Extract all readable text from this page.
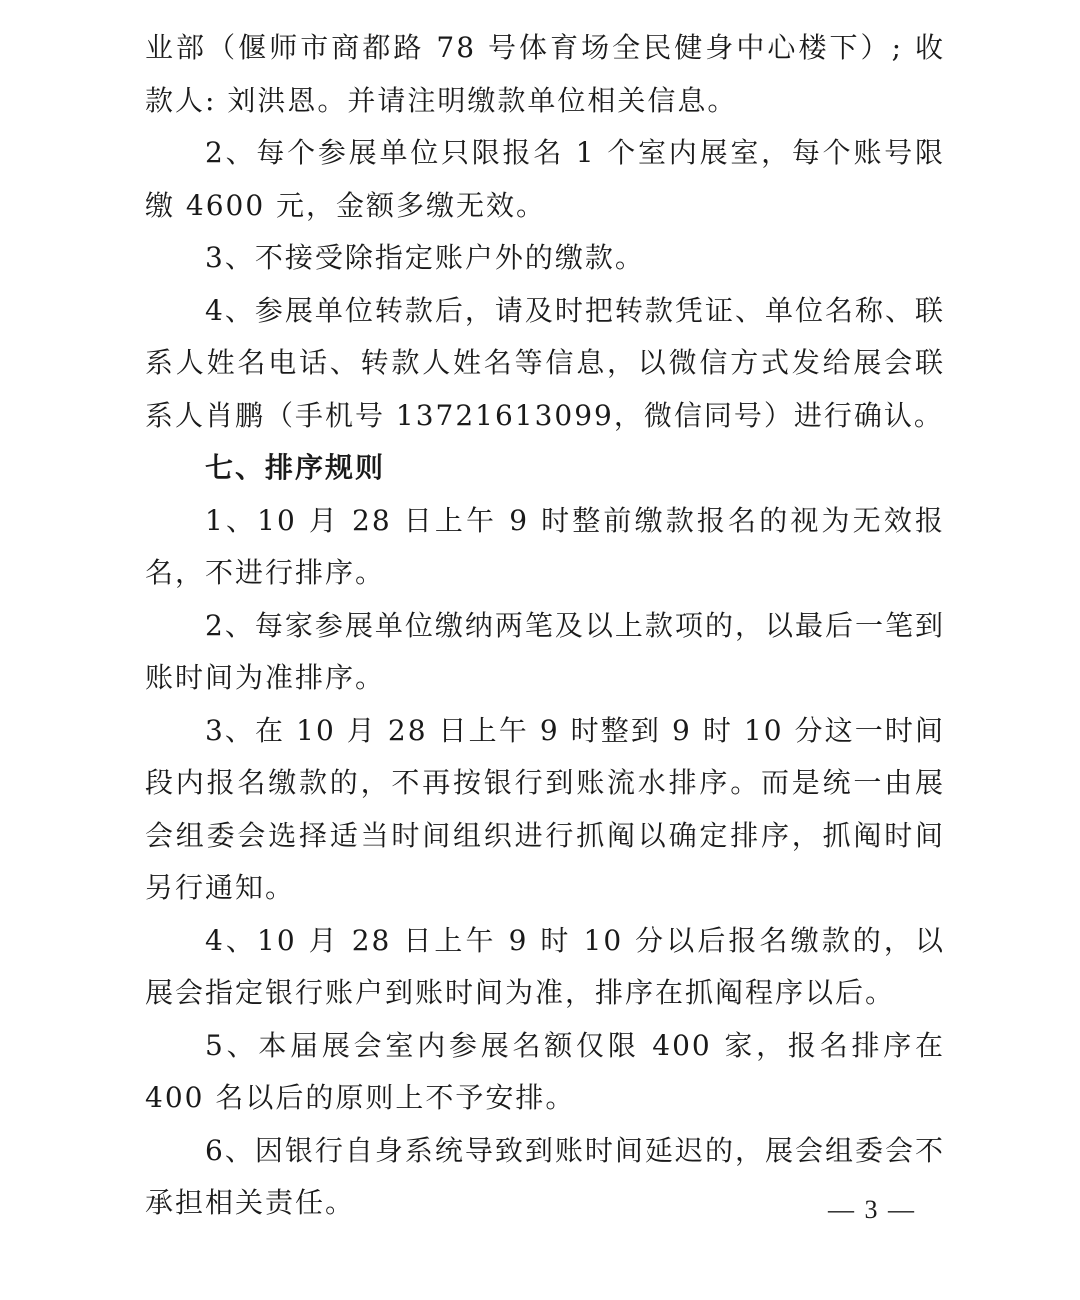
业部（偃师市商都路 78 号体育场全民健身中心楼下）; 收款人: 刘洪恩。并请注明缴款单位相关信息。

2、每个参展单位只限报名 1 个室内展室，每个账号限缴 4600 元，金额多缴无效。

3、不接受除指定账户外的缴款。

4、参展单位转款后，请及时把转款凭证、单位名称、联系人姓名电话、转款人姓名等信息，以微信方式发给展会联系人肖鹏（手机号 13721613099，微信同号）进行确认。

七、排序规则

1、10 月 28 日上午 9 时整前缴款报名的视为无效报名，不进行排序。

2、每家参展单位缴纳两笔及以上款项的，以最后一笔到账时间为准排序。

3、在 10 月 28 日上午 9 时整到 9 时 10 分这一时间段内报名缴款的，不再按银行到账流水排序。而是统一由展会组委会选择适当时间组织进行抓阄以确定排序，抓阄时间另行通知。

4、10 月 28 日上午 9 时 10 分以后报名缴款的，以展会指定银行账户到账时间为准，排序在抓阄程序以后。

5、本届展会室内参展名额仅限 400 家，报名排序在 400 名以后的原则上不予安排。

6、因银行自身系统导致到账时间延迟的，展会组委会不承担相关责任。	— 3 —
